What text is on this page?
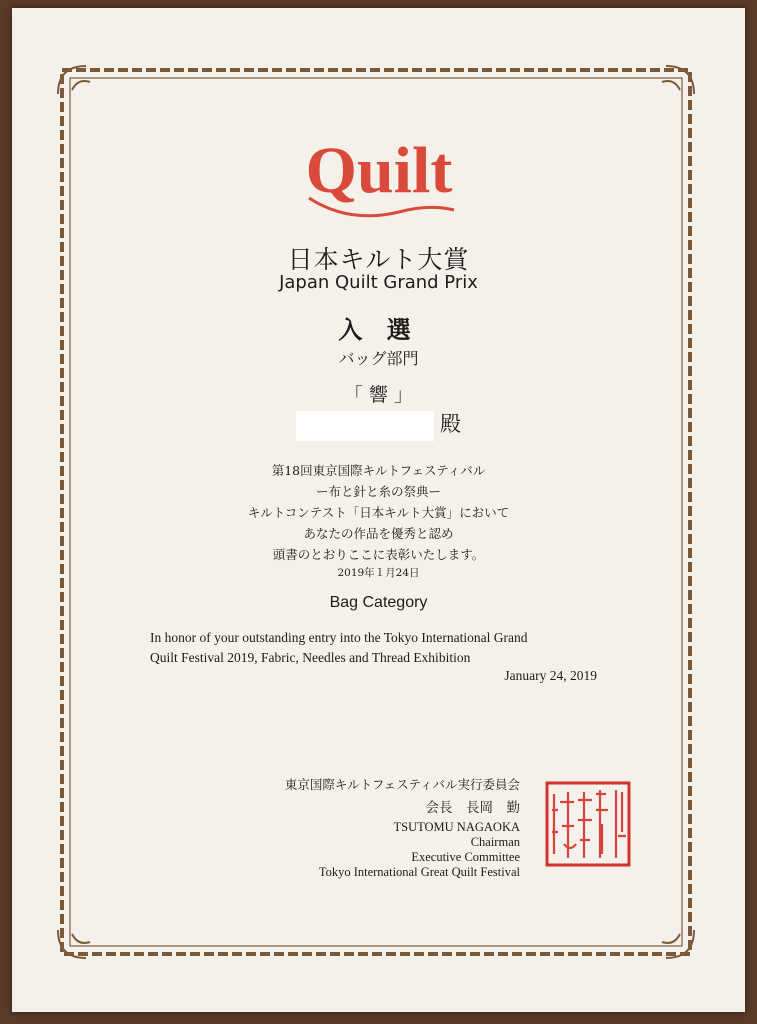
Quilt
日本キルト大賞
Japan Quilt Grand Prix
入 選
バッグ部門
「 響 」
殿
第18回東京国際キルトフェスティバル
ー布と針と糸の祭典ー
キルトコンテスト「日本キルト大賞」において
あなたの作品を優秀と認め
頭書のとおりここに表彰いたします。
2019年１月24日
Bag Category
In honor of your outstanding entry into the Tokyo International Grand
Quilt Festival 2019, Fabric, Needles and Thread Exhibition
January 24, 2019
東京国際キルトフェスティバル実行委員会
会長　長岡　勤
TSUTOMU NAGAOKA
Chairman
Executive Committee
Tokyo International Great Quilt Festival
